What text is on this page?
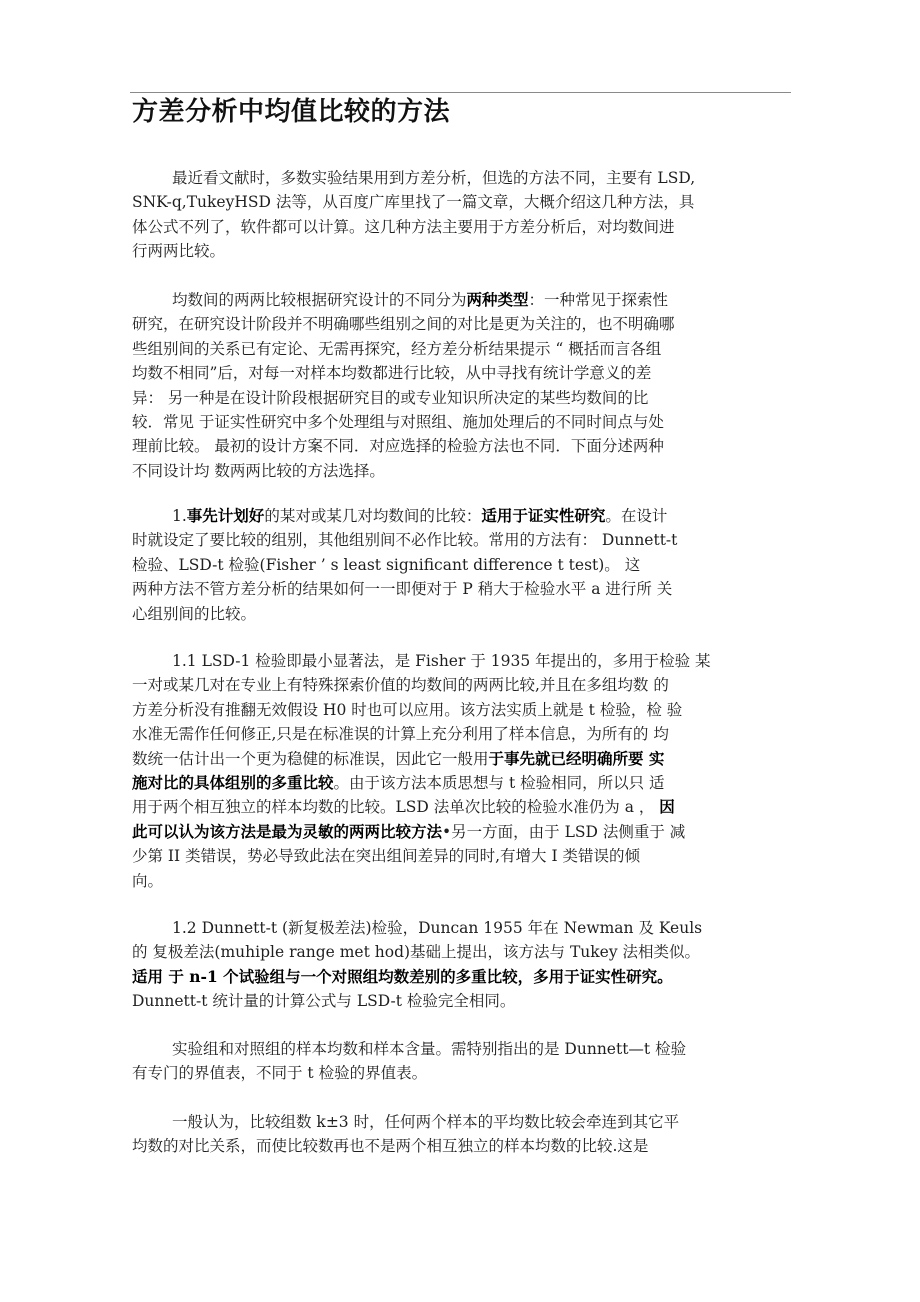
方差分析中均值比较的方法
最近看文献时，多数实验结果用到方差分析，但选的方法不同，主要有 LSD,
SNK-q,TukeyHSD 法等，从百度广库里找了一篇文章，大概介绍这几种方法，具
体公式不列了，软件都可以计算。这几种方法主要用于方差分析后，对均数间进
行两两比较。
均数间的两两比较根据研究设计的不同分为两种类型：一种常见于探索性
研究，在研究设计阶段并不明确哪些组别之间的对比是更为关注的，也不明确哪
些组别间的关系已有定论、无需再探究，经方差分析结果提示 “ 概括而言各组
均数不相同”后，对每一对样本均数都进行比较，从中寻找有统计学意义的差
异： 另一种是在设计阶段根据研究目的或专业知识所决定的某些均数间的比
较．常见 于证实性研究中多个处理组与对照组、施加处理后的不同时间点与处
理前比较。 最初的设计方案不同．对应选择的检验方法也不同．下面分述两种
不同设计均 数两两比较的方法选择。
1.事先计划好的某对或某几对均数间的比较：适用于证实性研究。在设计
时就设定了要比较的组别，其他组别间不必作比较。常用的方法有： Dunnett-t
检验、LSD-t 检验(Fisher ’ s least significant difference t test)。 这
两种方法不管方差分析的结果如何一一即便对于 P 稍大于检验水平 a 进行所 关
心组别间的比较。
1.1 LSD-1 检验即最小显著法，是 Fisher 于 1935 年提出的，多用于检验 某
一对或某几对在专业上有特殊探索价值的均数间的两两比较,并且在多组均数 的
方差分析没有推翻无效假设 H0 时也可以应用。该方法实质上就是 t 检验，检 验
水准无需作任何修正,只是在标准误的计算上充分利用了样本信息，为所有的 均
数统一估计出一个更为稳健的标准误，因此它一般用于事先就已经明确所要 实
施对比的具体组别的多重比较。由于该方法本质思想与 t 检验相同，所以只 适
用于两个相互独立的样本均数的比较。LSD 法单次比较的检验水准仍为 a ， 因
此可以认为该方法是最为灵敏的两两比较方法•另一方面，由于 LSD 法侧重于 减
少第 II 类错误，势必导致此法在突出组间差异的同时,有增大 I 类错误的倾
向。
1.2 Dunnett-t (新复极差法)检验，Duncan 1955 年在 Newman 及 Keuls
的 复极差法(muhiple range met hod)基础上提出，该方法与 Tukey 法相类似。
适用 于 n-1 个试验组与一个对照组均数差别的多重比较，多用于证实性研究。
Dunnett-t 统计量的计算公式与 LSD-t 检验完全相同。
实验组和对照组的样本均数和样本含量。需特别指出的是 Dunnett—t 检验
有专门的界值表，不同于 t 检验的界值表。
一般认为，比较组数 k±3 时，任何两个样本的平均数比较会牵连到其它平
均数的对比关系，而使比较数再也不是两个相互独立的样本均数的比较.这是
